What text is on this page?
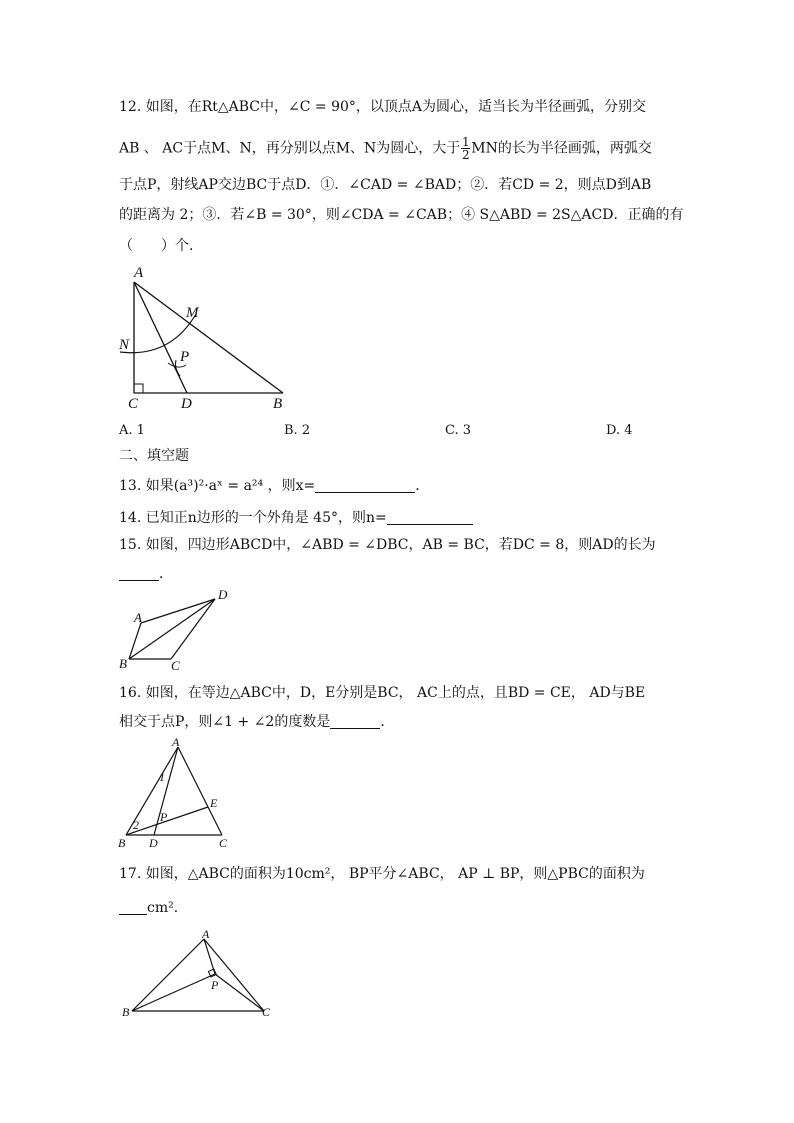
12. 如图，在Rt△ABC中，∠C = 90°，以顶点A为圆心，适当长为半径画弧，分别交
AB 、 AC于点M、N，再分别以点M、N为圆心，大于 $\frac{1}{2}$ MN的长为半径画弧，两弧交
于点P，射线AP交边BC于点D．①．∠CAD = ∠BAD；②．若CD = 2，则点D到AB
的距离为 2；③．若∠B = 30°，则∠CDA = ∠CAB；④ S△ABD = 2S△ACD．正确的有
（　　）个．
A
M
N
P
C	D	B
A. 1	B. 2	C. 3	D. 4
二、填空题
13. 如果(a³)²·aˣ = a²⁴ ，则x=	．
14. 已知正n边形的一个外角是 45°，则n=
15. 如图，四边形ABCD中，∠ABD = ∠DBC，AB = BC，若DC = 8，则AD的长为
．
A
B	C
D
16. 如图，在等边△ABC中，D，E分别是BC， AC上的点，且BD = CE， AD与BE
相交于点P，则∠1 + ∠2的度数是	．
A
B	C
D
E
P
1
2
17. 如图，△ABC的面积为10cm²， BP平分∠ABC， AP ⊥ BP，则△PBC的面积为
cm²．
A
B	C
P
